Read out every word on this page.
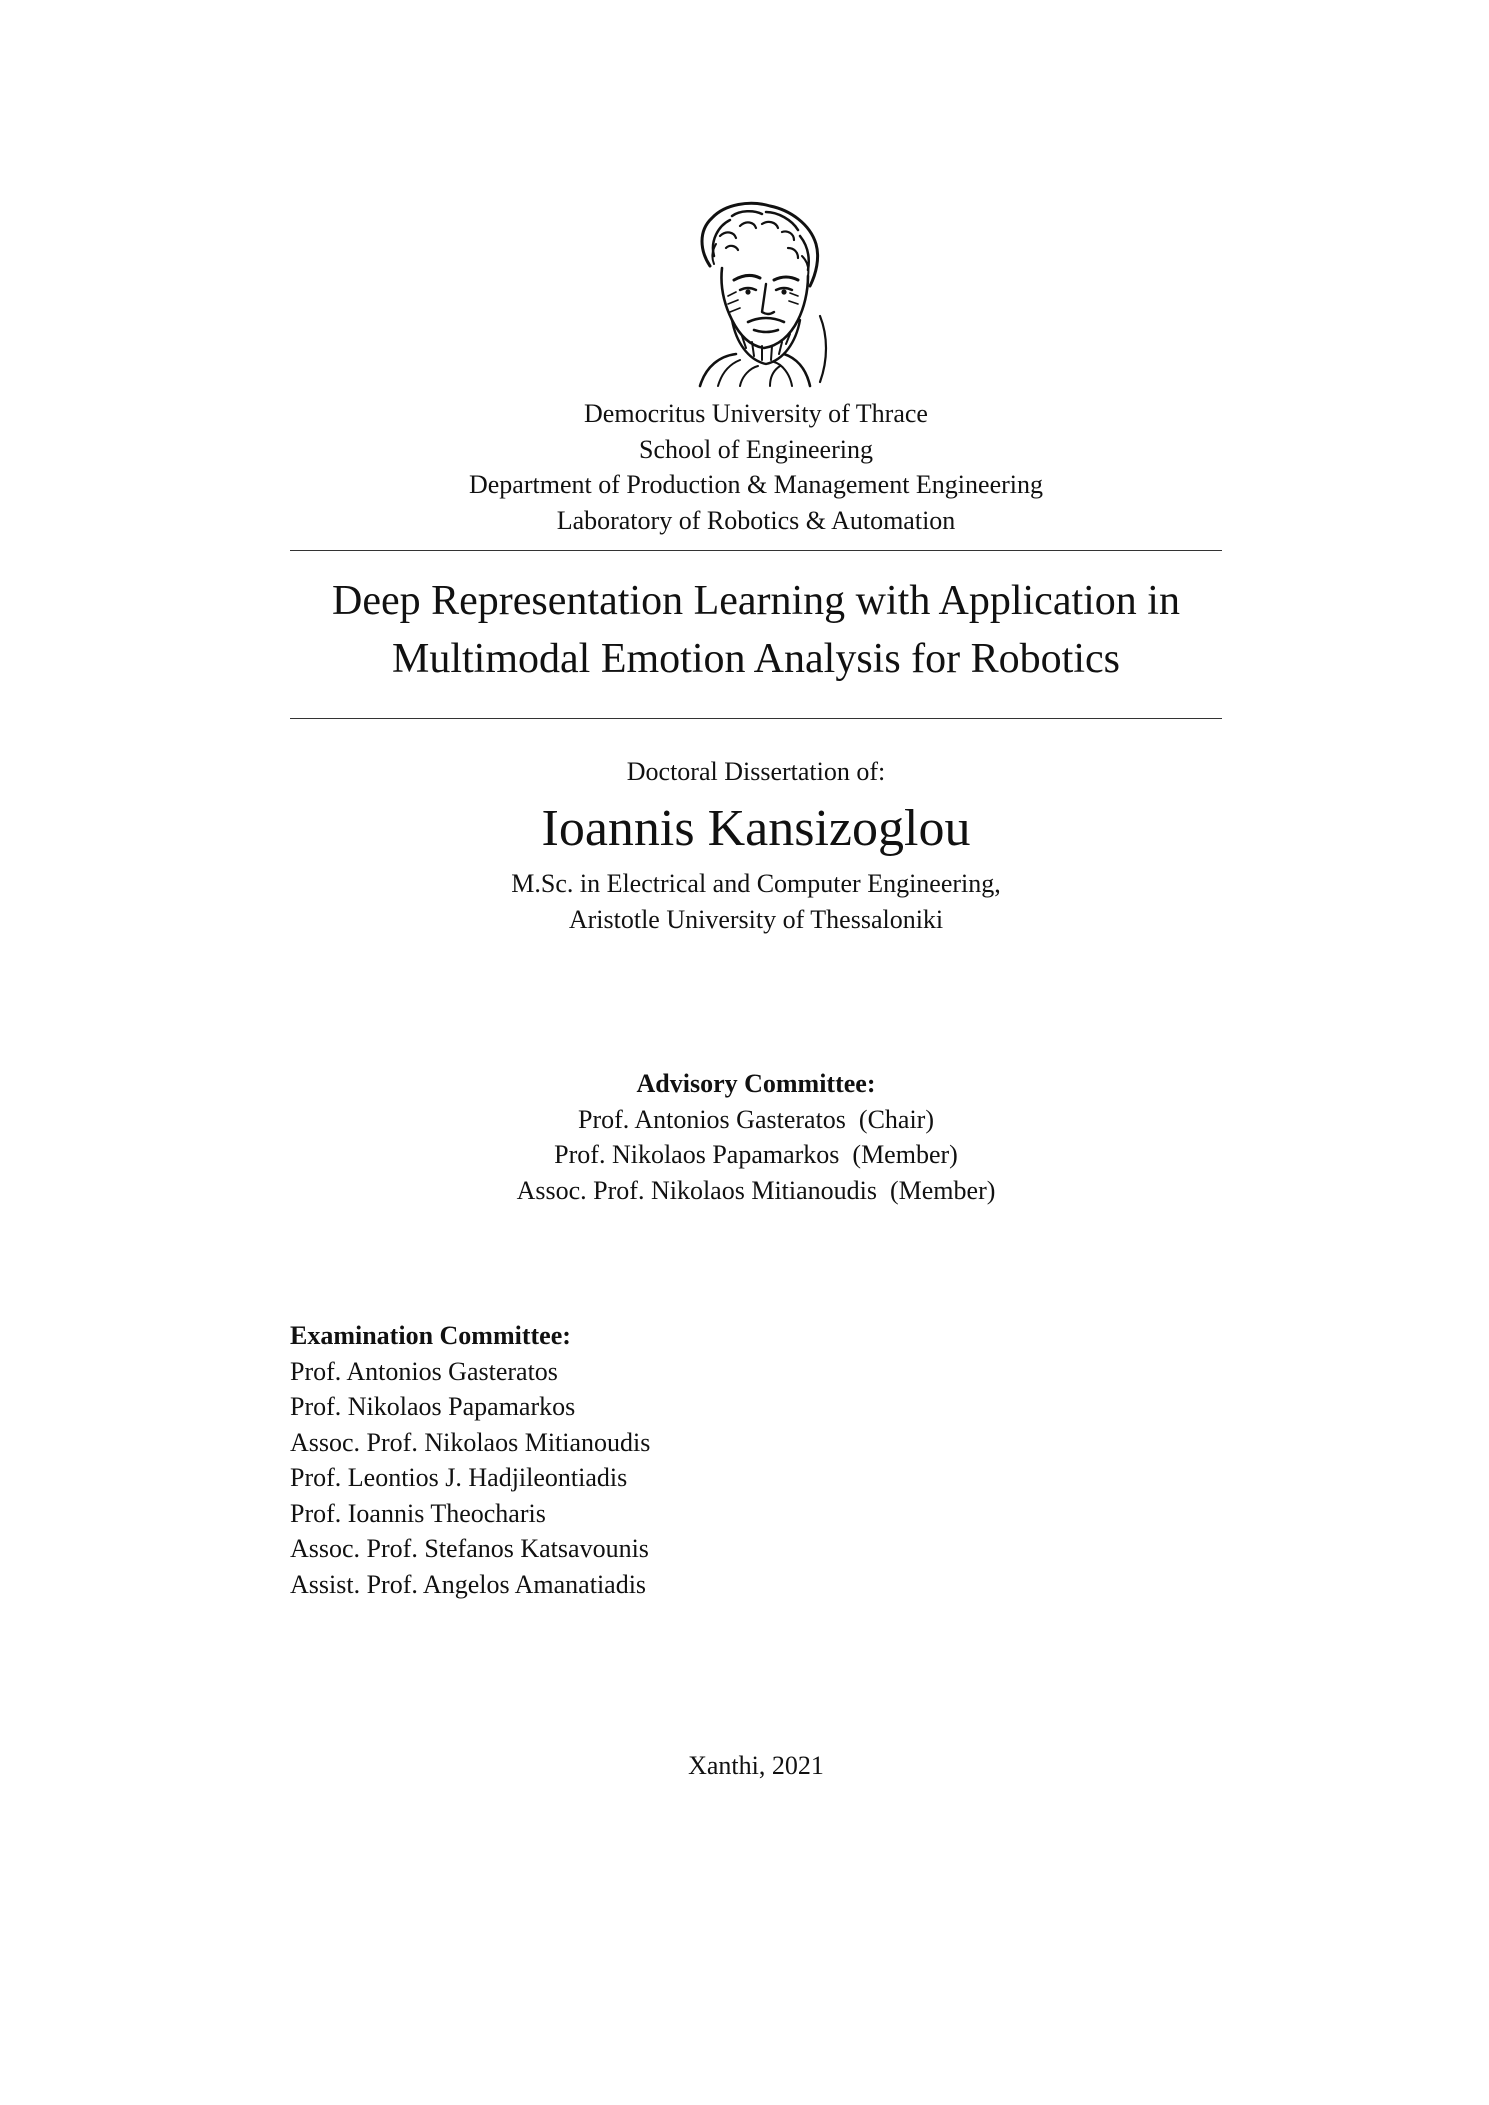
Democritus University of Thrace
School of Engineering
Department of Production & Management Engineering
Laboratory of Robotics & Automation
Deep Representation Learning with Application in
Multimodal Emotion Analysis for Robotics
Doctoral Dissertation of:
Ioannis Kansizoglou
M.Sc. in Electrical and Computer Engineering,
Aristotle University of Thessaloniki
Advisory Committee:
Prof. Antonios Gasteratos  (Chair)
Prof. Nikolaos Papamarkos  (Member)
Assoc. Prof. Nikolaos Mitianoudis  (Member)
Examination Committee:
Prof. Antonios Gasteratos
Prof. Nikolaos Papamarkos
Assoc. Prof. Nikolaos Mitianoudis
Prof. Leontios J. Hadjileontiadis
Prof. Ioannis Theocharis
Assoc. Prof. Stefanos Katsavounis
Assist. Prof. Angelos Amanatiadis
Xanthi, 2021
